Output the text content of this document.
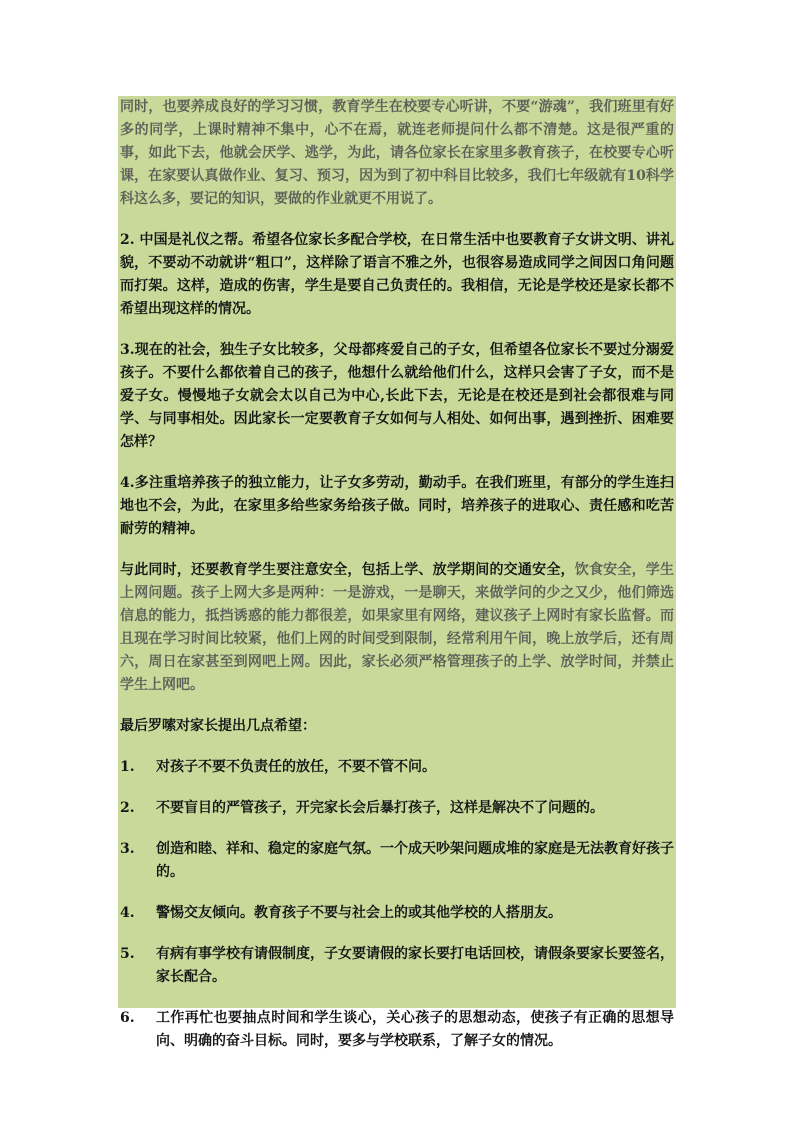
同时，也要养成良好的学习习惯，教育学生在校要专心听讲，不要“游魂”，我们班里有好多的同学，上课时精神不集中，心不在焉，就连老师提问什么都不清楚。这是很严重的事，如此下去，他就会厌学、逃学，为此，请各位家长在家里多教育孩子，在校要专心听课，在家要认真做作业、复习、预习，因为到了初中科目比较多，我们七年级就有10科学科这么多，要记的知识，要做的作业就更不用说了。

2. 中国是礼仪之帮。希望各位家长多配合学校，在日常生活中也要教育子女讲文明、讲礼貌，不要动不动就讲“粗口”，这样除了语言不雅之外，也很容易造成同学之间因口角问题而打架。这样，造成的伤害，学生是要自己负责任的。我相信，无论是学校还是家长都不希望出现这样的情况。

3.现在的社会，独生子女比较多，父母都疼爱自己的子女，但希望各位家长不要过分溺爱孩子。不要什么都依着自己的孩子，他想什么就给他们什么，这样只会害了子女，而不是爱子女。慢慢地子女就会太以自己为中心,长此下去，无论是在校还是到社会都很难与同学、与同事相处。因此家长一定要教育子女如何与人相处、如何出事，遇到挫折、困难要怎样？

4.多注重培养孩子的独立能力，让子女多劳动，勤动手。在我们班里，有部分的学生连扫地也不会，为此，在家里多给些家务给孩子做。同时，培养孩子的进取心、责任感和吃苦耐劳的精神。

与此同时，还要教育学生要注意安全，包括上学、放学期间的交通安全，饮食安全，学生上网问题。孩子上网大多是两种：一是游戏，一是聊天，来做学问的少之又少，他们筛选信息的能力，抵挡诱惑的能力都很差，如果家里有网络，建议孩子上网时有家长监督。而且现在学习时间比较紧，他们上网的时间受到限制，经常利用午间，晚上放学后，还有周六，周日在家甚至到网吧上网。因此，家长必须严格管理孩子的上学、放学时间，并禁止学生上网吧。

最后罗嗦对家长提出几点希望：

1.	对孩子不要不负责任的放任，不要不管不问。
2.	不要盲目的严管孩子，开完家长会后暴打孩子，这样是解决不了问题的。
3.	创造和睦、祥和、稳定的家庭气氛。一个成天吵架问题成堆的家庭是无法教育好孩子的。
4.	警惕交友倾向。教育孩子不要与社会上的或其他学校的人搭朋友。
5.	有病有事学校有请假制度，子女要请假的家长要打电话回校，请假条要家长要签名，家长配合。
6.	工作再忙也要抽点时间和学生谈心，关心孩子的思想动态，使孩子有正确的思想导向、明确的奋斗目标。同时，要多与学校联系，了解子女的情况。
